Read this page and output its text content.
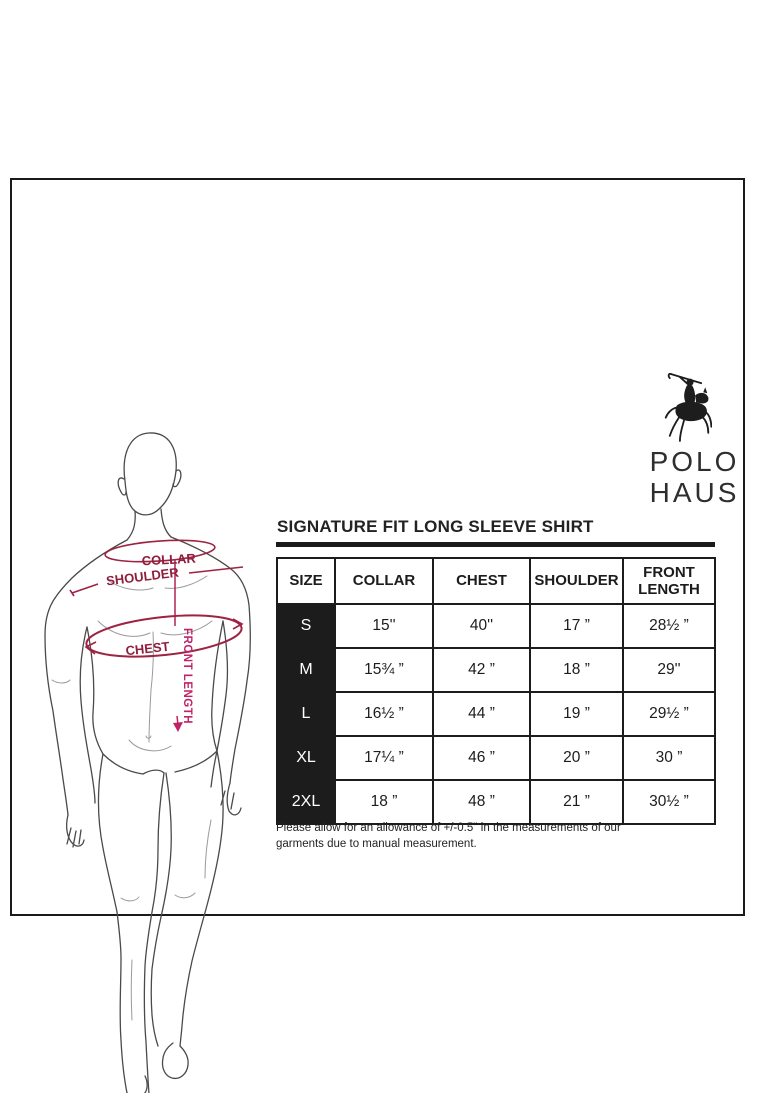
COLLAR
SHOULDER
CHEST FRONT LENGTH
POLO
HAUS
SIGNATURE FIT LONG SLEEVE SHIRT
SIZE	COLLAR	CHEST	SHOULDER	FRONT LENGTH
S	15''	40''	17 ”	28½ ”
M	15¾ ”	42 ”	18 ”	29''
L	16½ ”	44 ”	19 ”	29½ ”
XL	17¼ ”	46 ”	20 ”	30 ”
2XL	18 ”	48 ”	21 ”	30½ ”
Please allow for an allowance of +/-0.5'' in the measurements of our garments due to manual measurement.
